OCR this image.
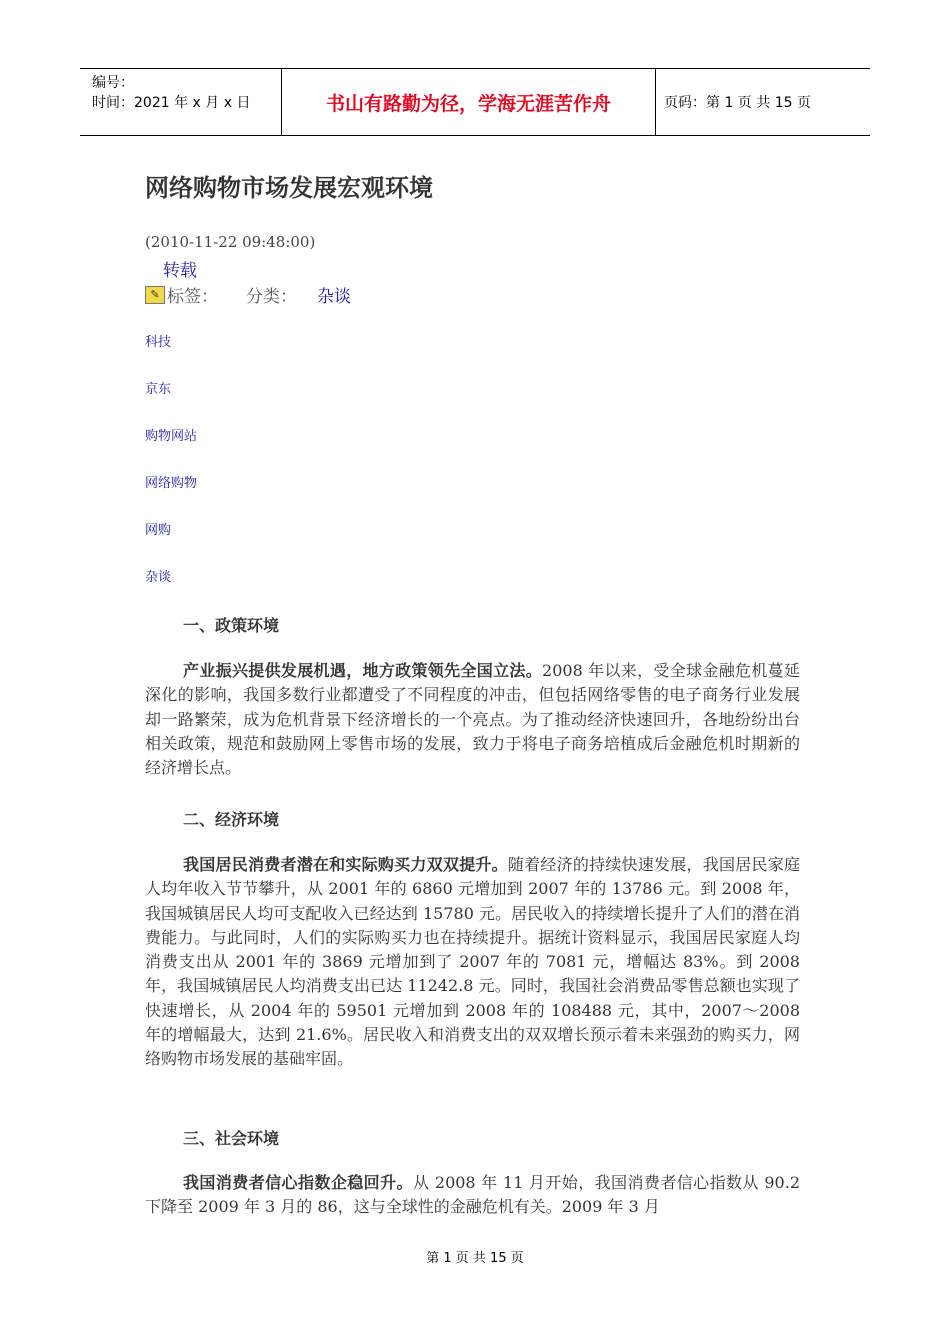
编号：
时间：2021 年 x 月 x 日	书山有路勤为径，学海无涯苦作舟	页码：第 1 页 共 15 页
网络购物市场发展宏观环境
(2010-11-22 09:48:00)
转载
✎ 标签： 分类： 杂谈
科技
京东
购物网站
网络购物
网购
杂谈
一、政策环境

产业振兴提供发展机遇，地方政策领先全国立法。2008 年以来，受全球金融危机蔓延深化的影响，我国多数行业都遭受了不同程度的冲击，但包括网络零售的电子商务行业发展却一路繁荣，成为危机背景下经济增长的一个亮点。为了推动经济快速回升，各地纷纷出台相关政策，规范和鼓励网上零售市场的发展，致力于将电子商务培植成后金融危机时期新的经济增长点。

二、经济环境

我国居民消费者潜在和实际购买力双双提升。随着经济的持续快速发展，我国居民家庭人均年收入节节攀升，从 2001 年的 6860 元增加到 2007 年的 13786 元。到 2008 年，我国城镇居民人均可支配收入已经达到 15780 元。居民收入的持续增长提升了人们的潜在消费能力。与此同时，人们的实际购买力也在持续提升。据统计资料显示，我国居民家庭人均消费支出从 2001 年的 3869 元增加到了 2007 年的 7081 元，增幅达 83%。到 2008 年，我国城镇居民人均消费支出已达 11242.8 元。同时，我国社会消费品零售总额也实现了快速增长，从 2004 年的 59501 元增加到 2008 年的 108488 元，其中，2007～2008 年的增幅最大，达到 21.6%。居民收入和消费支出的双双增长预示着未来强劲的购买力，网络购物市场发展的基础牢固。

三、社会环境

我国消费者信心指数企稳回升。从 2008 年 11 月开始，我国消费者信心指数从 90.2 下降至 2009 年 3 月的 86，这与全球性的金融危机有关。2009 年 3 月

第 1 页 共 15 页
